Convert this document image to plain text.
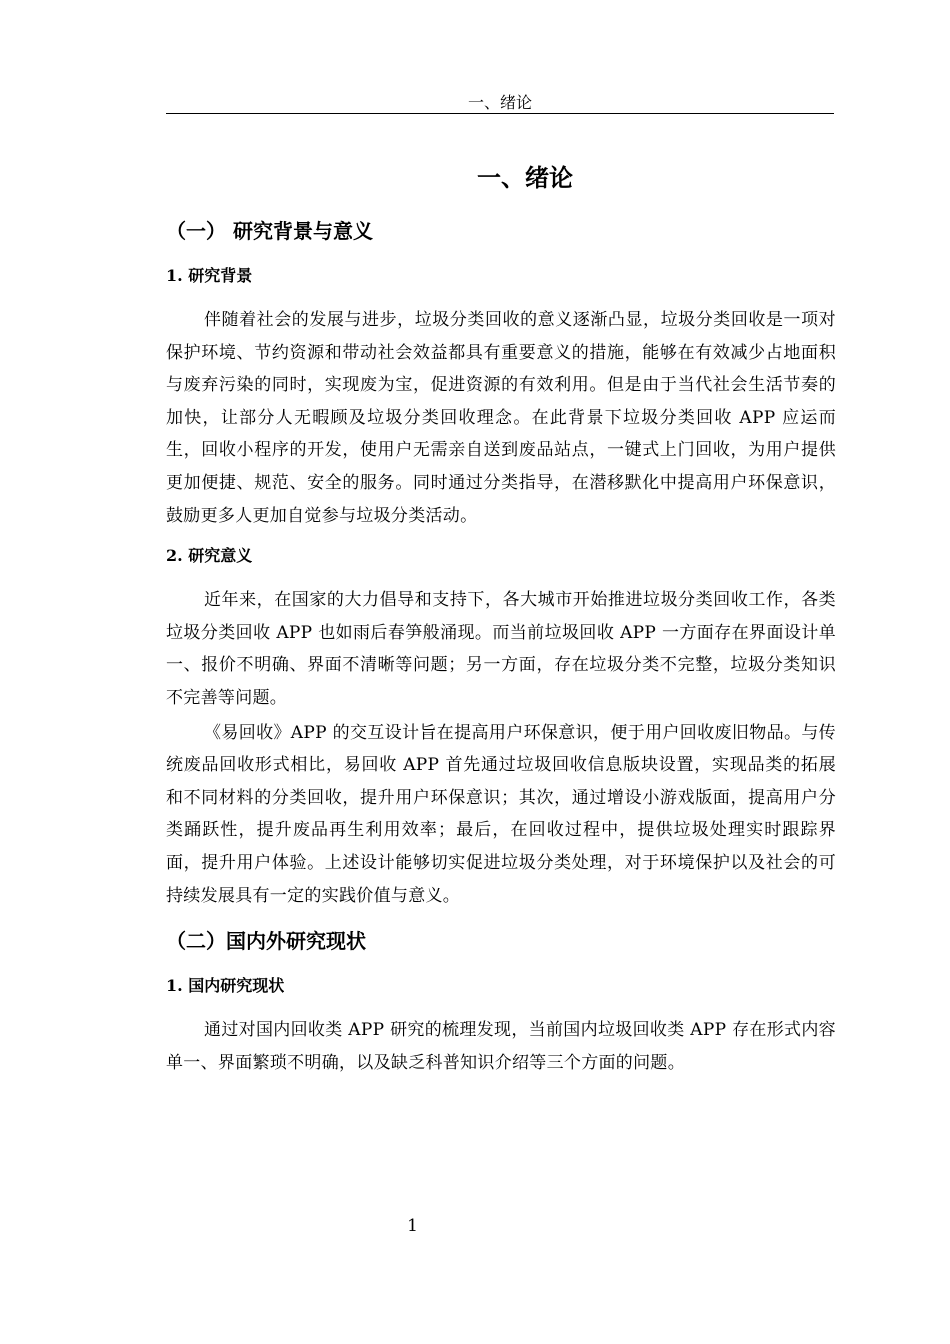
一、绪论
一、绪论
（一） 研究背景与意义
1. 研究背景

伴随着社会的发展与进步，垃圾分类回收的意义逐渐凸显，垃圾分类回收是一项对保护环境、节约资源和带动社会效益都具有重要意义的措施，能够在有效减少占地面积与废弃污染的同时，实现废为宝，促进资源的有效利用。但是由于当代社会生活节奏的加快，让部分人无暇顾及垃圾分类回收理念。在此背景下垃圾分类回收 APP 应运而生，回收小程序的开发，使用户无需亲自送到废品站点，一键式上门回收，为用户提供更加便捷、规范、安全的服务。同时通过分类指导，在潜移默化中提高用户环保意识，鼓励更多人更加自觉参与垃圾分类活动。

2. 研究意义

近年来，在国家的大力倡导和支持下，各大城市开始推进垃圾分类回收工作，各类垃圾分类回收 APP 也如雨后春笋般涌现。而当前垃圾回收 APP 一方面存在界面设计单一、报价不明确、界面不清晰等问题；另一方面，存在垃圾分类不完整，垃圾分类知识不完善等问题。

《易回收》APP 的交互设计旨在提高用户环保意识，便于用户回收废旧物品。与传统废品回收形式相比，易回收 APP 首先通过垃圾回收信息版块设置，实现品类的拓展和不同材料的分类回收，提升用户环保意识；其次，通过增设小游戏版面，提高用户分类踊跃性，提升废品再生利用效率；最后，在回收过程中，提供垃圾处理实时跟踪界面，提升用户体验。上述设计能够切实促进垃圾分类处理，对于环境保护以及社会的可持续发展具有一定的实践价值与意义。

（二）国内外研究现状
1. 国内研究现状

通过对国内回收类 APP 研究的梳理发现，当前国内垃圾回收类 APP 存在形式内容单一、界面繁琐不明确，以及缺乏科普知识介绍等三个方面的问题。

1
